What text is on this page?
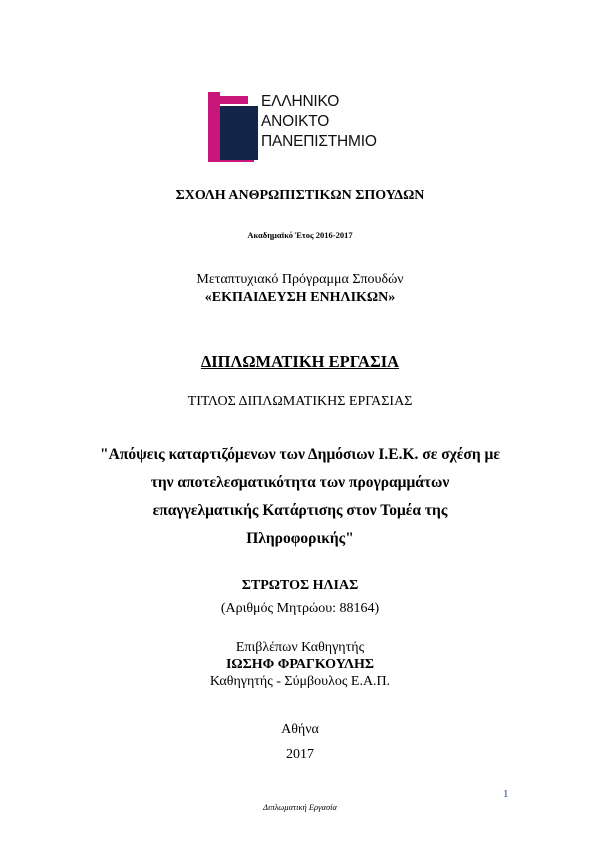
ΕΛΛΗΝΙΚΟ
ΑΝΟΙΚΤΟ
ΠΑΝΕΠΙΣΤΗΜΙΟ
ΣΧΟΛΗ ΑΝΘΡΩΠΙΣΤΙΚΩΝ ΣΠΟΥΔΩΝ
Ακαδημαϊκό Έτος 2016-2017
Μεταπτυχιακό Πρόγραμμα Σπουδών
«ΕΚΠΑΙΔΕΥΣΗ ΕΝΗΛΙΚΩΝ»
ΔΙΠΛΩΜΑΤΙΚΗ ΕΡΓΑΣΙΑ
ΤΙΤΛΟΣ ΔΙΠΛΩΜΑΤΙΚΗΣ ΕΡΓΑΣΙΑΣ
"Απόψεις καταρτιζόμενων των Δημόσιων Ι.Ε.Κ. σε σχέση με
την αποτελεσματικότητα των προγραμμάτων
επαγγελματικής Κατάρτισης στον Τομέα της
Πληροφορικής"
ΣΤΡΩΤΟΣ ΗΛΙΑΣ
(Αριθμός Μητρώου: 88164)
Επιβλέπων Καθηγητής
ΙΩΣΗΦ ΦΡΑΓΚΟΥΛΗΣ
Καθηγητής - Σύμβουλος Ε.Α.Π.
Αθήνα
2017
1
Διπλωματική Εργασία
